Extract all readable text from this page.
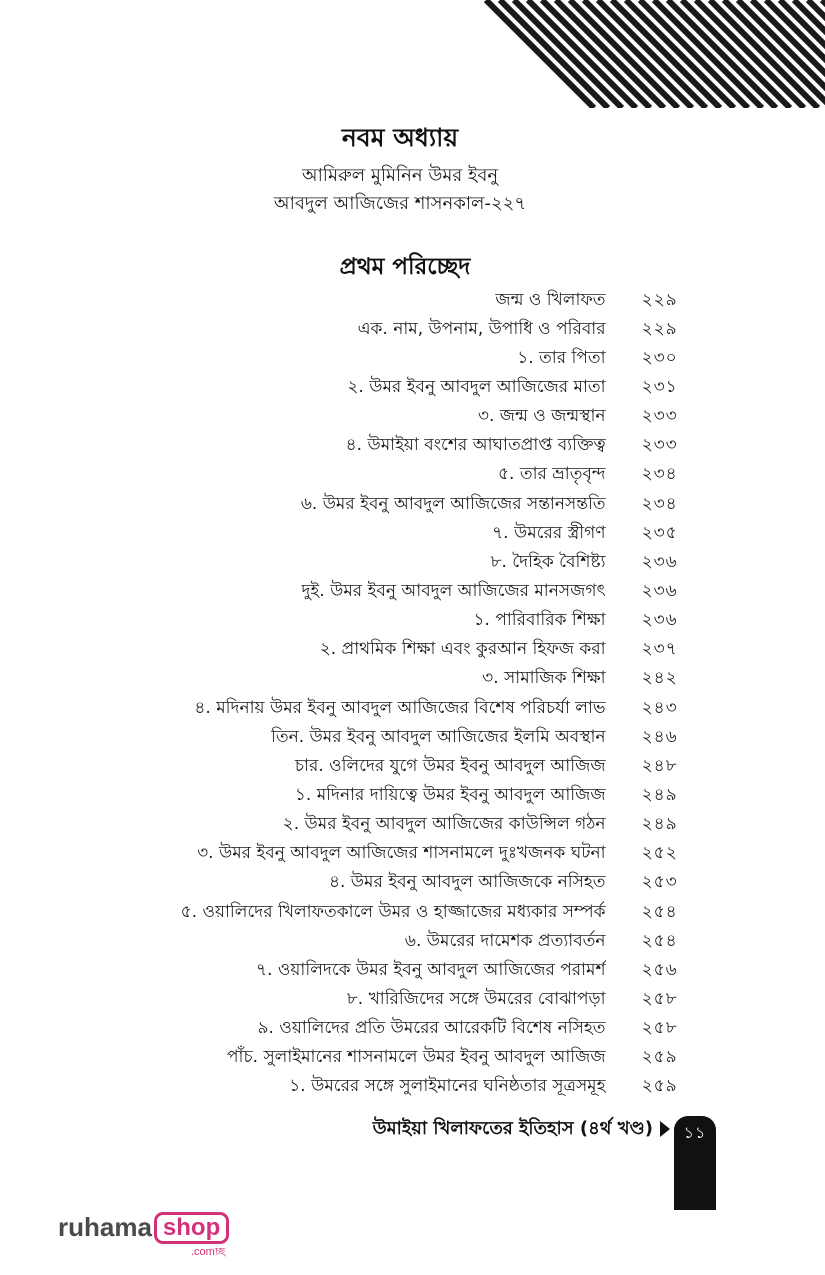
নবম অধ্যায়
আমিরুল মুমিনিন উমর ইবনু
আবদুল আজিজের শাসনকাল-২২৭
প্রথম পরিচ্ছেদ
জন্ম ও খিলাফত ২২৯
এক. নাম, উপনাম, উপাধি ও পরিবার ২২৯
১. তার পিতা ২৩০
২. উমর ইবনু আবদুল আজিজের মাতা ২৩১
৩. জন্ম ও জন্মস্থান ২৩৩
৪. উমাইয়া বংশের আঘাতপ্রাপ্ত ব্যক্তিত্ব ২৩৩
৫. তার ভ্রাতৃবৃন্দ ২৩৪
৬. উমর ইবনু আবদুল আজিজের সন্তানসন্ততি ২৩৪
৭. উমরের স্ত্রীগণ ২৩৫
৮. দৈহিক বৈশিষ্ট্য ২৩৬
দুই. উমর ইবনু আবদুল আজিজের মানসজগৎ ২৩৬
১. পারিবারিক শিক্ষা ২৩৬
২. প্রাথমিক শিক্ষা এবং কুরআন হিফজ করা ২৩৭
৩. সামাজিক শিক্ষা ২৪২
৪. মদিনায় উমর ইবনু আবদুল আজিজের বিশেষ পরিচর্যা লাভ ২৪৩
তিন. উমর ইবনু আবদুল আজিজের ইলমি অবস্থান ২৪৬
চার. ওলিদের যুগে উমর ইবনু আবদুল আজিজ ২৪৮
১. মদিনার দায়িত্বে উমর ইবনু আবদুল আজিজ ২৪৯
২. উমর ইবনু আবদুল আজিজের কাউন্সিল গঠন ২৪৯
৩. উমর ইবনু আবদুল আজিজের শাসনামলে দুঃখজনক ঘটনা ২৫২
৪. উমর ইবনু আবদুল আজিজকে নসিহত ২৫৩
৫. ওয়ালিদের খিলাফতকালে উমর ও হাজ্জাজের মধ্যকার সম্পর্ক ২৫৪
৬. উমরের দামেশক প্রত্যাবর্তন ২৫৪
৭. ওয়ালিদকে উমর ইবনু আবদুল আজিজের পরামর্শ ২৫৬
৮. খারিজিদের সঙ্গে উমরের বোঝাপড়া ২৫৮
৯. ওয়ালিদের প্রতি উমরের আরেকটি বিশেষ নসিহত ২৫৮
পাঁচ. সুলাইমানের শাসনামলে উমর ইবনু আবদুল আজিজ ২৫৯
১. উমরের সঙ্গে সুলাইমানের ঘনিষ্ঠতার সূত্রসমূহ ২৫৯
উমাইয়া খিলাফতের ইতিহাস (৪র্থ খণ্ড)	১১
ruhama shop
.comচ্ছ
